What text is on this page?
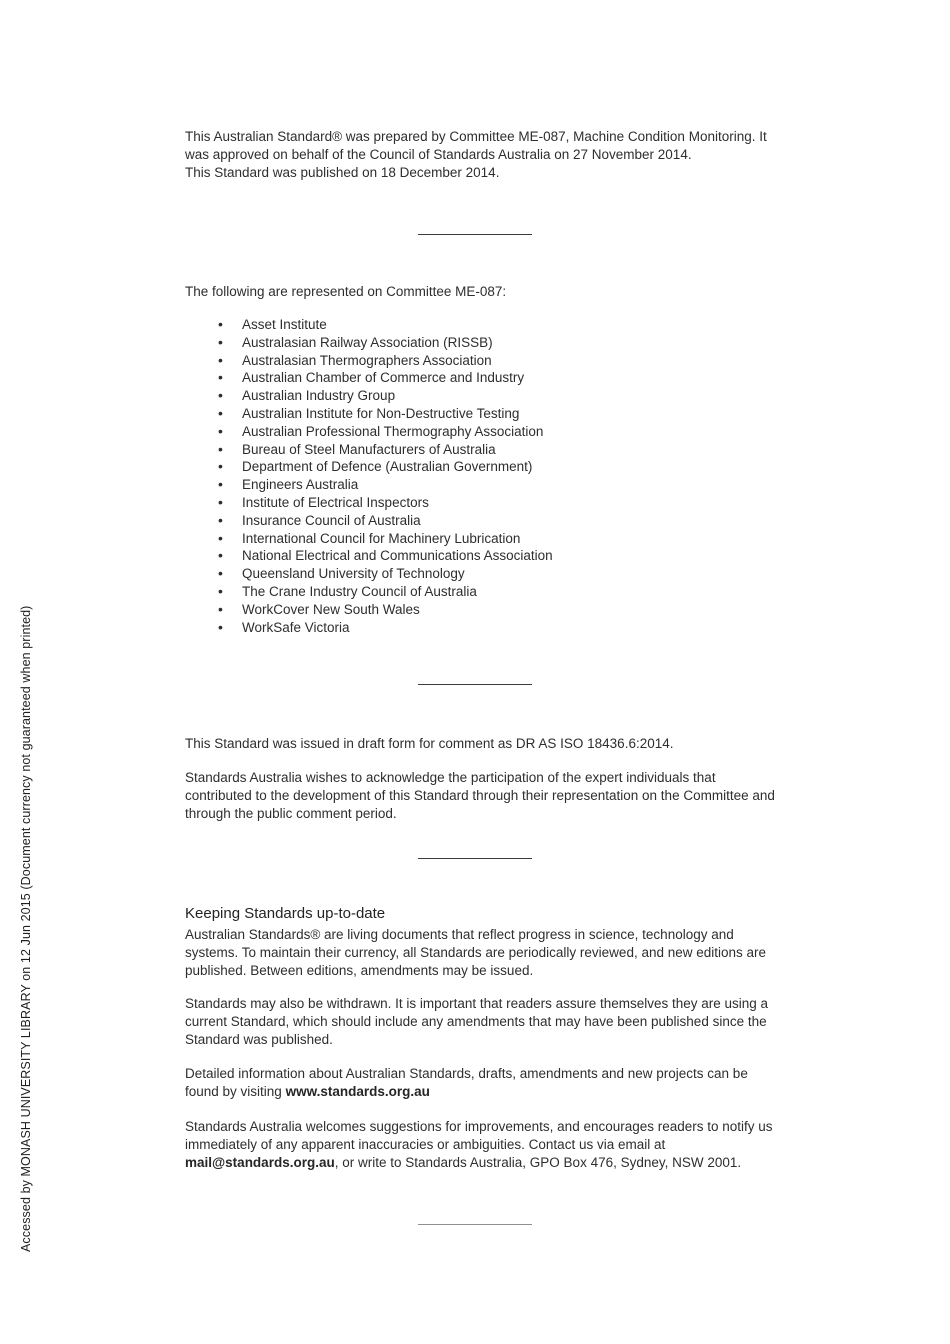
Accessed by MONASH UNIVERSITY LIBRARY on 12 Jun 2015 (Document currency not guaranteed when printed)

This Australian Standard® was prepared by Committee ME-087, Machine Condition Monitoring. It was approved on behalf of the Council of Standards Australia on 27 November 2014.

This Standard was published on 18 December 2014.

The following are represented on Committee ME-087:

• Asset Institute
• Australasian Railway Association (RISSB)
• Australasian Thermographers Association
• Australian Chamber of Commerce and Industry
• Australian Industry Group
• Australian Institute for Non-Destructive Testing
• Australian Professional Thermography Association
• Bureau of Steel Manufacturers of Australia
• Department of Defence (Australian Government)
• Engineers Australia
• Institute of Electrical Inspectors
• Insurance Council of Australia
• International Council for Machinery Lubrication
• National Electrical and Communications Association
• Queensland University of Technology
• The Crane Industry Council of Australia
• WorkCover New South Wales
• WorkSafe Victoria

This Standard was issued in draft form for comment as DR AS ISO 18436.6:2014.

Standards Australia wishes to acknowledge the participation of the expert individuals that contributed to the development of this Standard through their representation on the Committee and through the public comment period.

Keeping Standards up-to-date

Australian Standards® are living documents that reflect progress in science, technology and systems. To maintain their currency, all Standards are periodically reviewed, and new editions are published. Between editions, amendments may be issued.

Standards may also be withdrawn. It is important that readers assure themselves they are using a current Standard, which should include any amendments that may have been published since the Standard was published.

Detailed information about Australian Standards, drafts, amendments and new projects can be found by visiting www.standards.org.au

Standards Australia welcomes suggestions for improvements, and encourages readers to notify us immediately of any apparent inaccuracies or ambiguities. Contact us via email at mail@standards.org.au, or write to Standards Australia, GPO Box 476, Sydney, NSW 2001.
